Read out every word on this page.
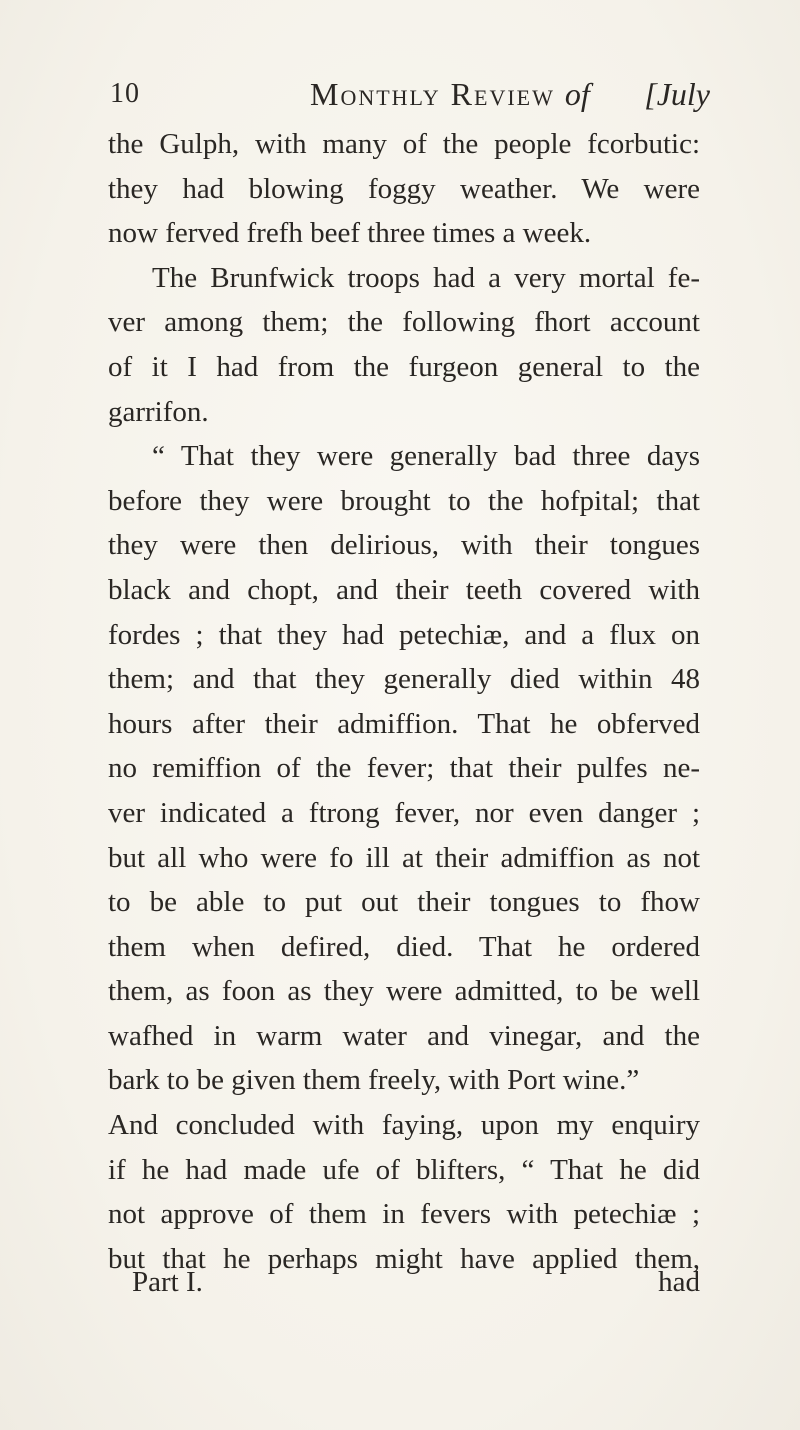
10	Monthly Review of [July
the Gulph, with many of the people fcorbutic:
they had blowing foggy weather. We were
now ferved frefh beef three times a week.
The Brunfwick troops had a very mortal fe-
ver among them; the following fhort account
of it I had from the furgeon general to the
garrifon.
“ That they were generally bad three days
before they were brought to the hofpital; that
they were then delirious, with their tongues
black and chopt, and their teeth covered with
fordes ; that they had petechiæ, and a flux on
them; and that they generally died within 48
hours after their admiffion. That he obferved
no remiffion of the fever; that their pulfes ne-
ver indicated a ftrong fever, nor even danger ;
but all who were fo ill at their admiffion as not
to be able to put out their tongues to fhow
them when defired, died. That he ordered
them, as foon as they were admitted, to be well
wafhed in warm water and vinegar, and the
bark to be given them freely, with Port wine.”
And concluded with faying, upon my enquiry
if he had made ufe of blifters, “ That he did
not approve of them in fevers with petechiæ ;
but that he perhaps might have applied them,
Part I.	had
